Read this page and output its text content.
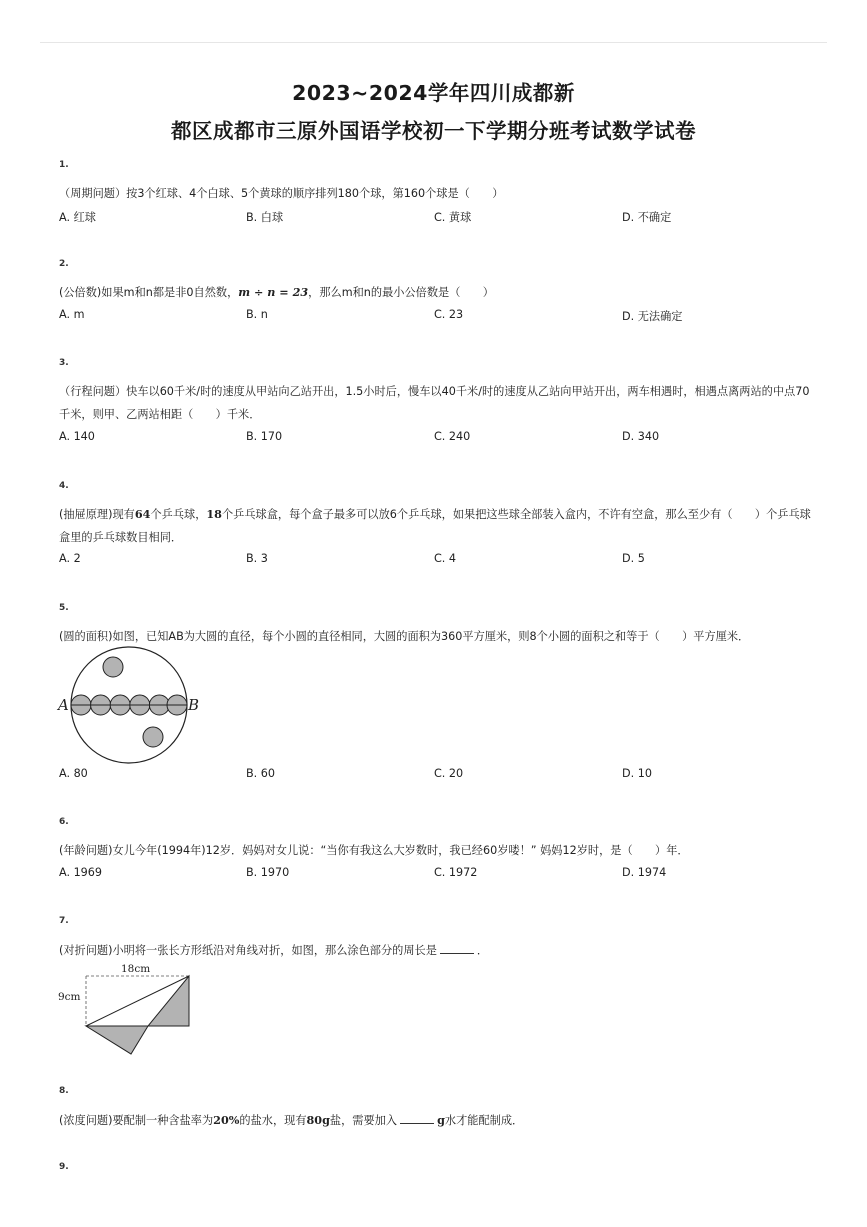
2023~2024学年四川成都新
都区成都市三原外国语学校初一下学期分班考试数学试卷
1.
（周期问题）按3个红球、4个白球、5个黄球的顺序排列180个球，第160个球是（　　）
A. 红球	B. 白球	C. 黄球	D. 不确定
2.
(公倍数)如果m和n都是非0自然数，m ÷ n = 23，那么m和n的最小公倍数是（　　）
A. m	B. n	C. 23	D. 无法确定
3.
（行程问题）快车以60千米/时的速度从甲站向乙站开出，1.5小时后，慢车以40千米/时的速度从乙站向甲站开出，两车相遇时，相遇点离两站的中点70千米，则甲、乙两站相距（　　）千米．
A. 140	B. 170	C. 240	D. 340
4.
(抽屉原理)现有64个乒乓球，18个乒乓球盒，每个盒子最多可以放6个乒乓球，如果把这些球全部装入盒内，不许有空盒，那么至少有（　　）个乒乓球盒里的乒乓球数目相同．
A. 2	B. 3	C. 4	D. 5
5.
(圆的面积)如图，已知AB为大圆的直径，每个小圆的直径相同，大圆的面积为360平方厘米，则8个小圆的面积之和等于（　　）平方厘米．
A	B
A. 80	B. 60	C. 20	D. 10
6.
(年龄问题)女儿今年(1994年)12岁．妈妈对女儿说：“当你有我这么大岁数时，我已经60岁喽！” 妈妈12岁时，是（　　）年．
A. 1969	B. 1970	C. 1972	D. 1974
7.
(对折问题)小明将一张长方形纸沿对角线对折，如图，那么涂色部分的周长是	．
18cm
9cm
8.
(浓度问题)要配制一种含盐率为20%的盐水，现有80g盐，需要加入	g水才能配制成．
9.
